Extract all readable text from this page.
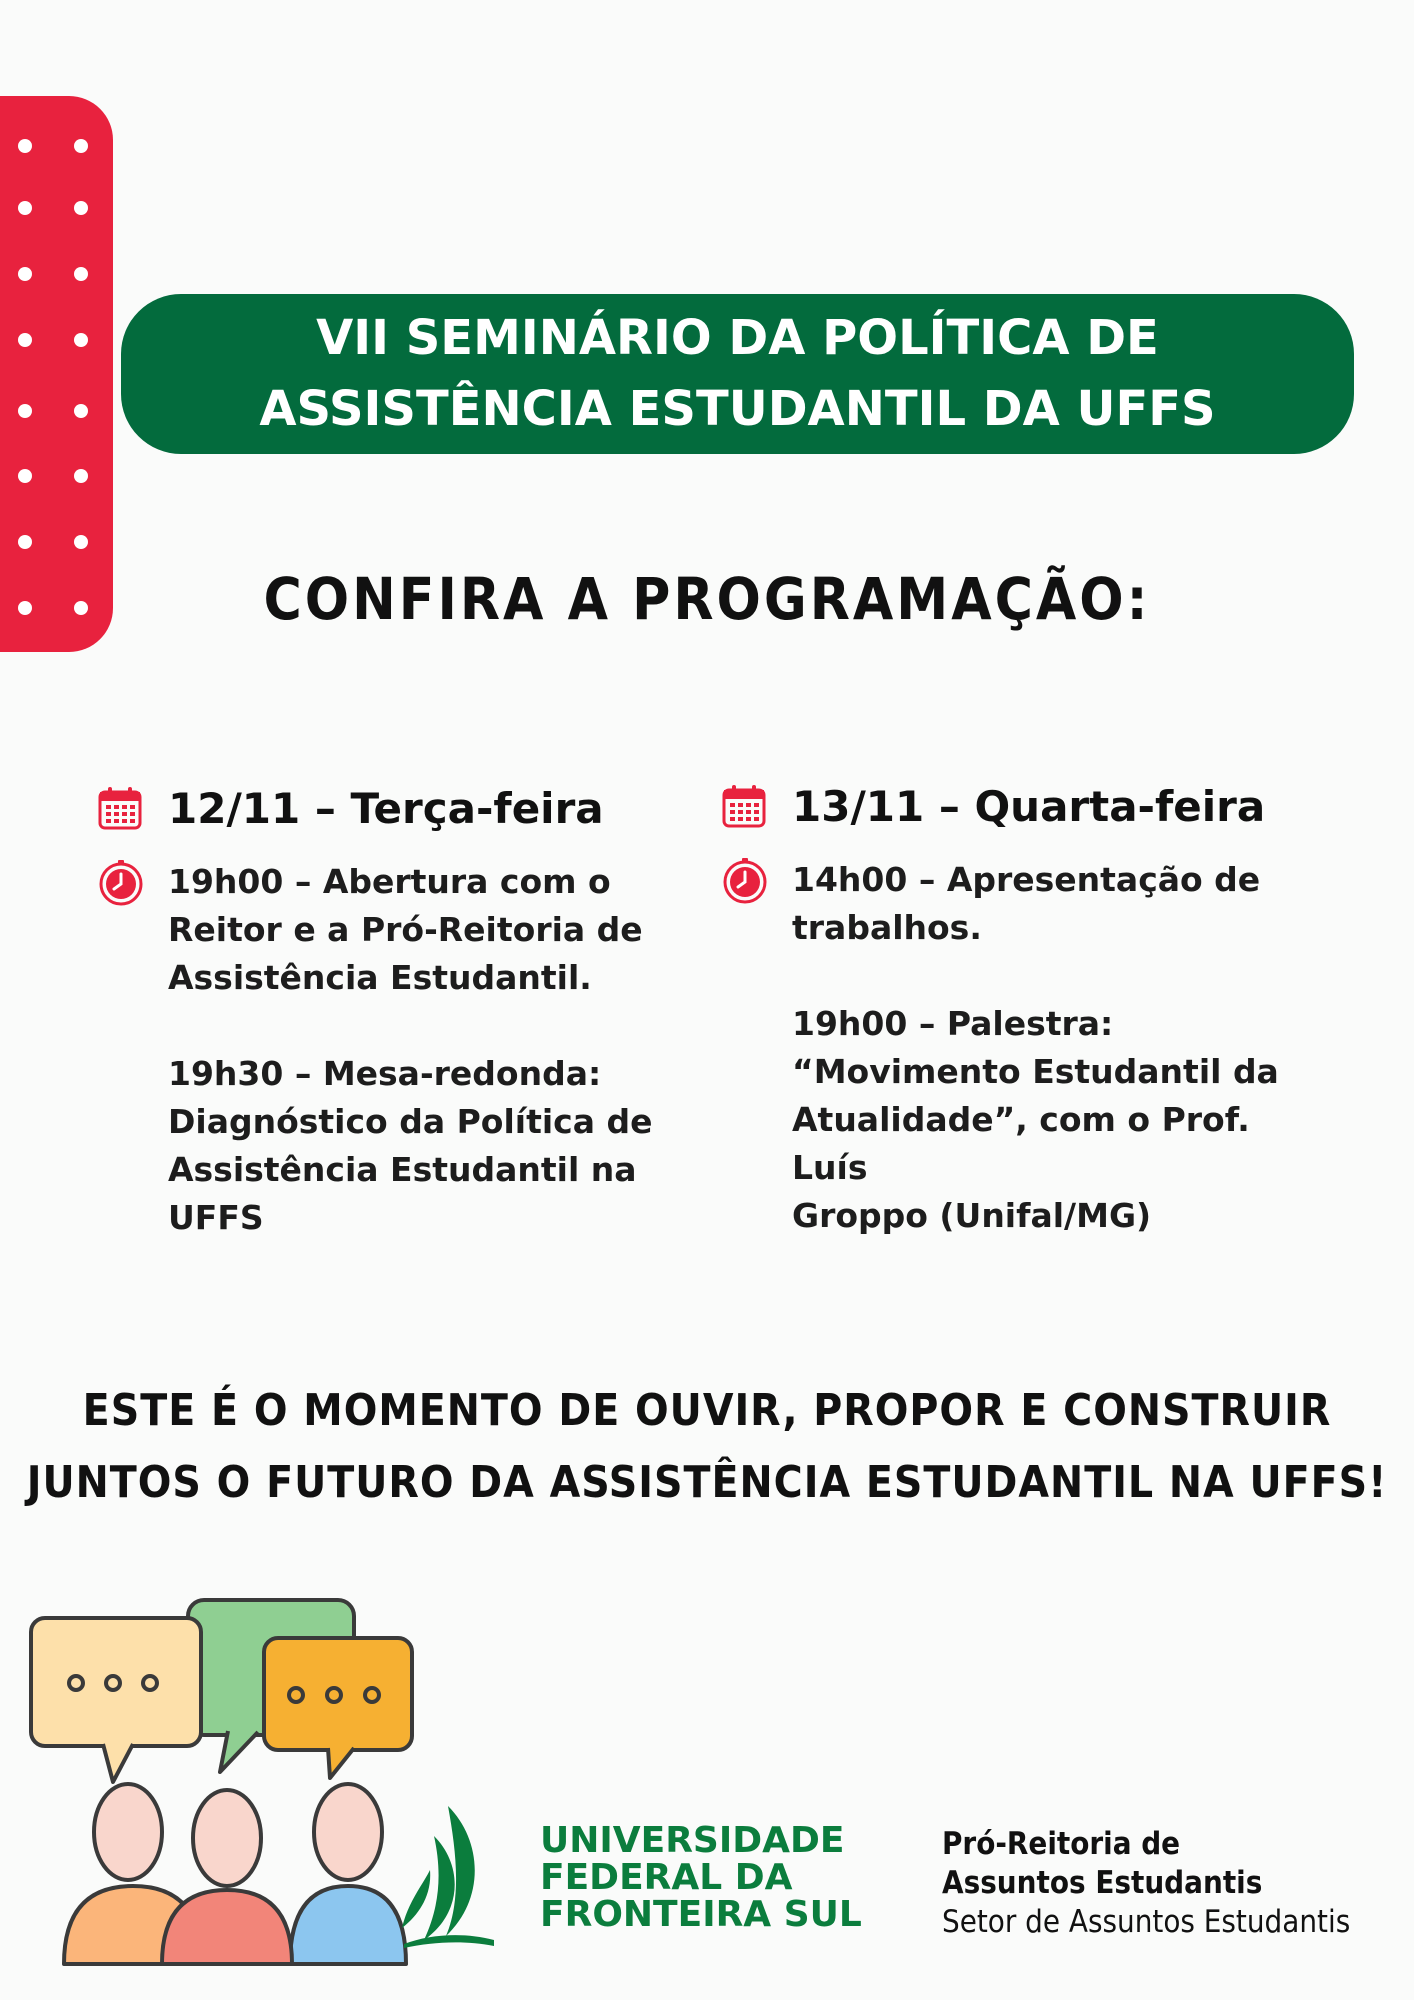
VII SEMINÁRIO DA POLÍTICA DE
ASSISTÊNCIA ESTUDANTIL DA UFFS
CONFIRA A PROGRAMAÇÃO:
12/11 – Terça-feira
19h00 – Abertura com o
Reitor e a Pró-Reitoria de
Assistência Estudantil.

19h30 – Mesa-redonda:
Diagnóstico da Política de
Assistência Estudantil na
UFFS
13/11 – Quarta-feira
14h00 – Apresentação de
trabalhos.

19h00 – Palestra:
“Movimento Estudantil da
Atualidade”, com o Prof. Luís
Groppo (Unifal/MG)
ESTE É O MOMENTO DE OUVIR, PROPOR E CONSTRUIR
JUNTOS O FUTURO DA ASSISTÊNCIA ESTUDANTIL NA UFFS!
UNIVERSIDADE
FEDERAL DA
FRONTEIRA SUL
Pró-Reitoria de
Assuntos Estudantis
Setor de Assuntos Estudantis
